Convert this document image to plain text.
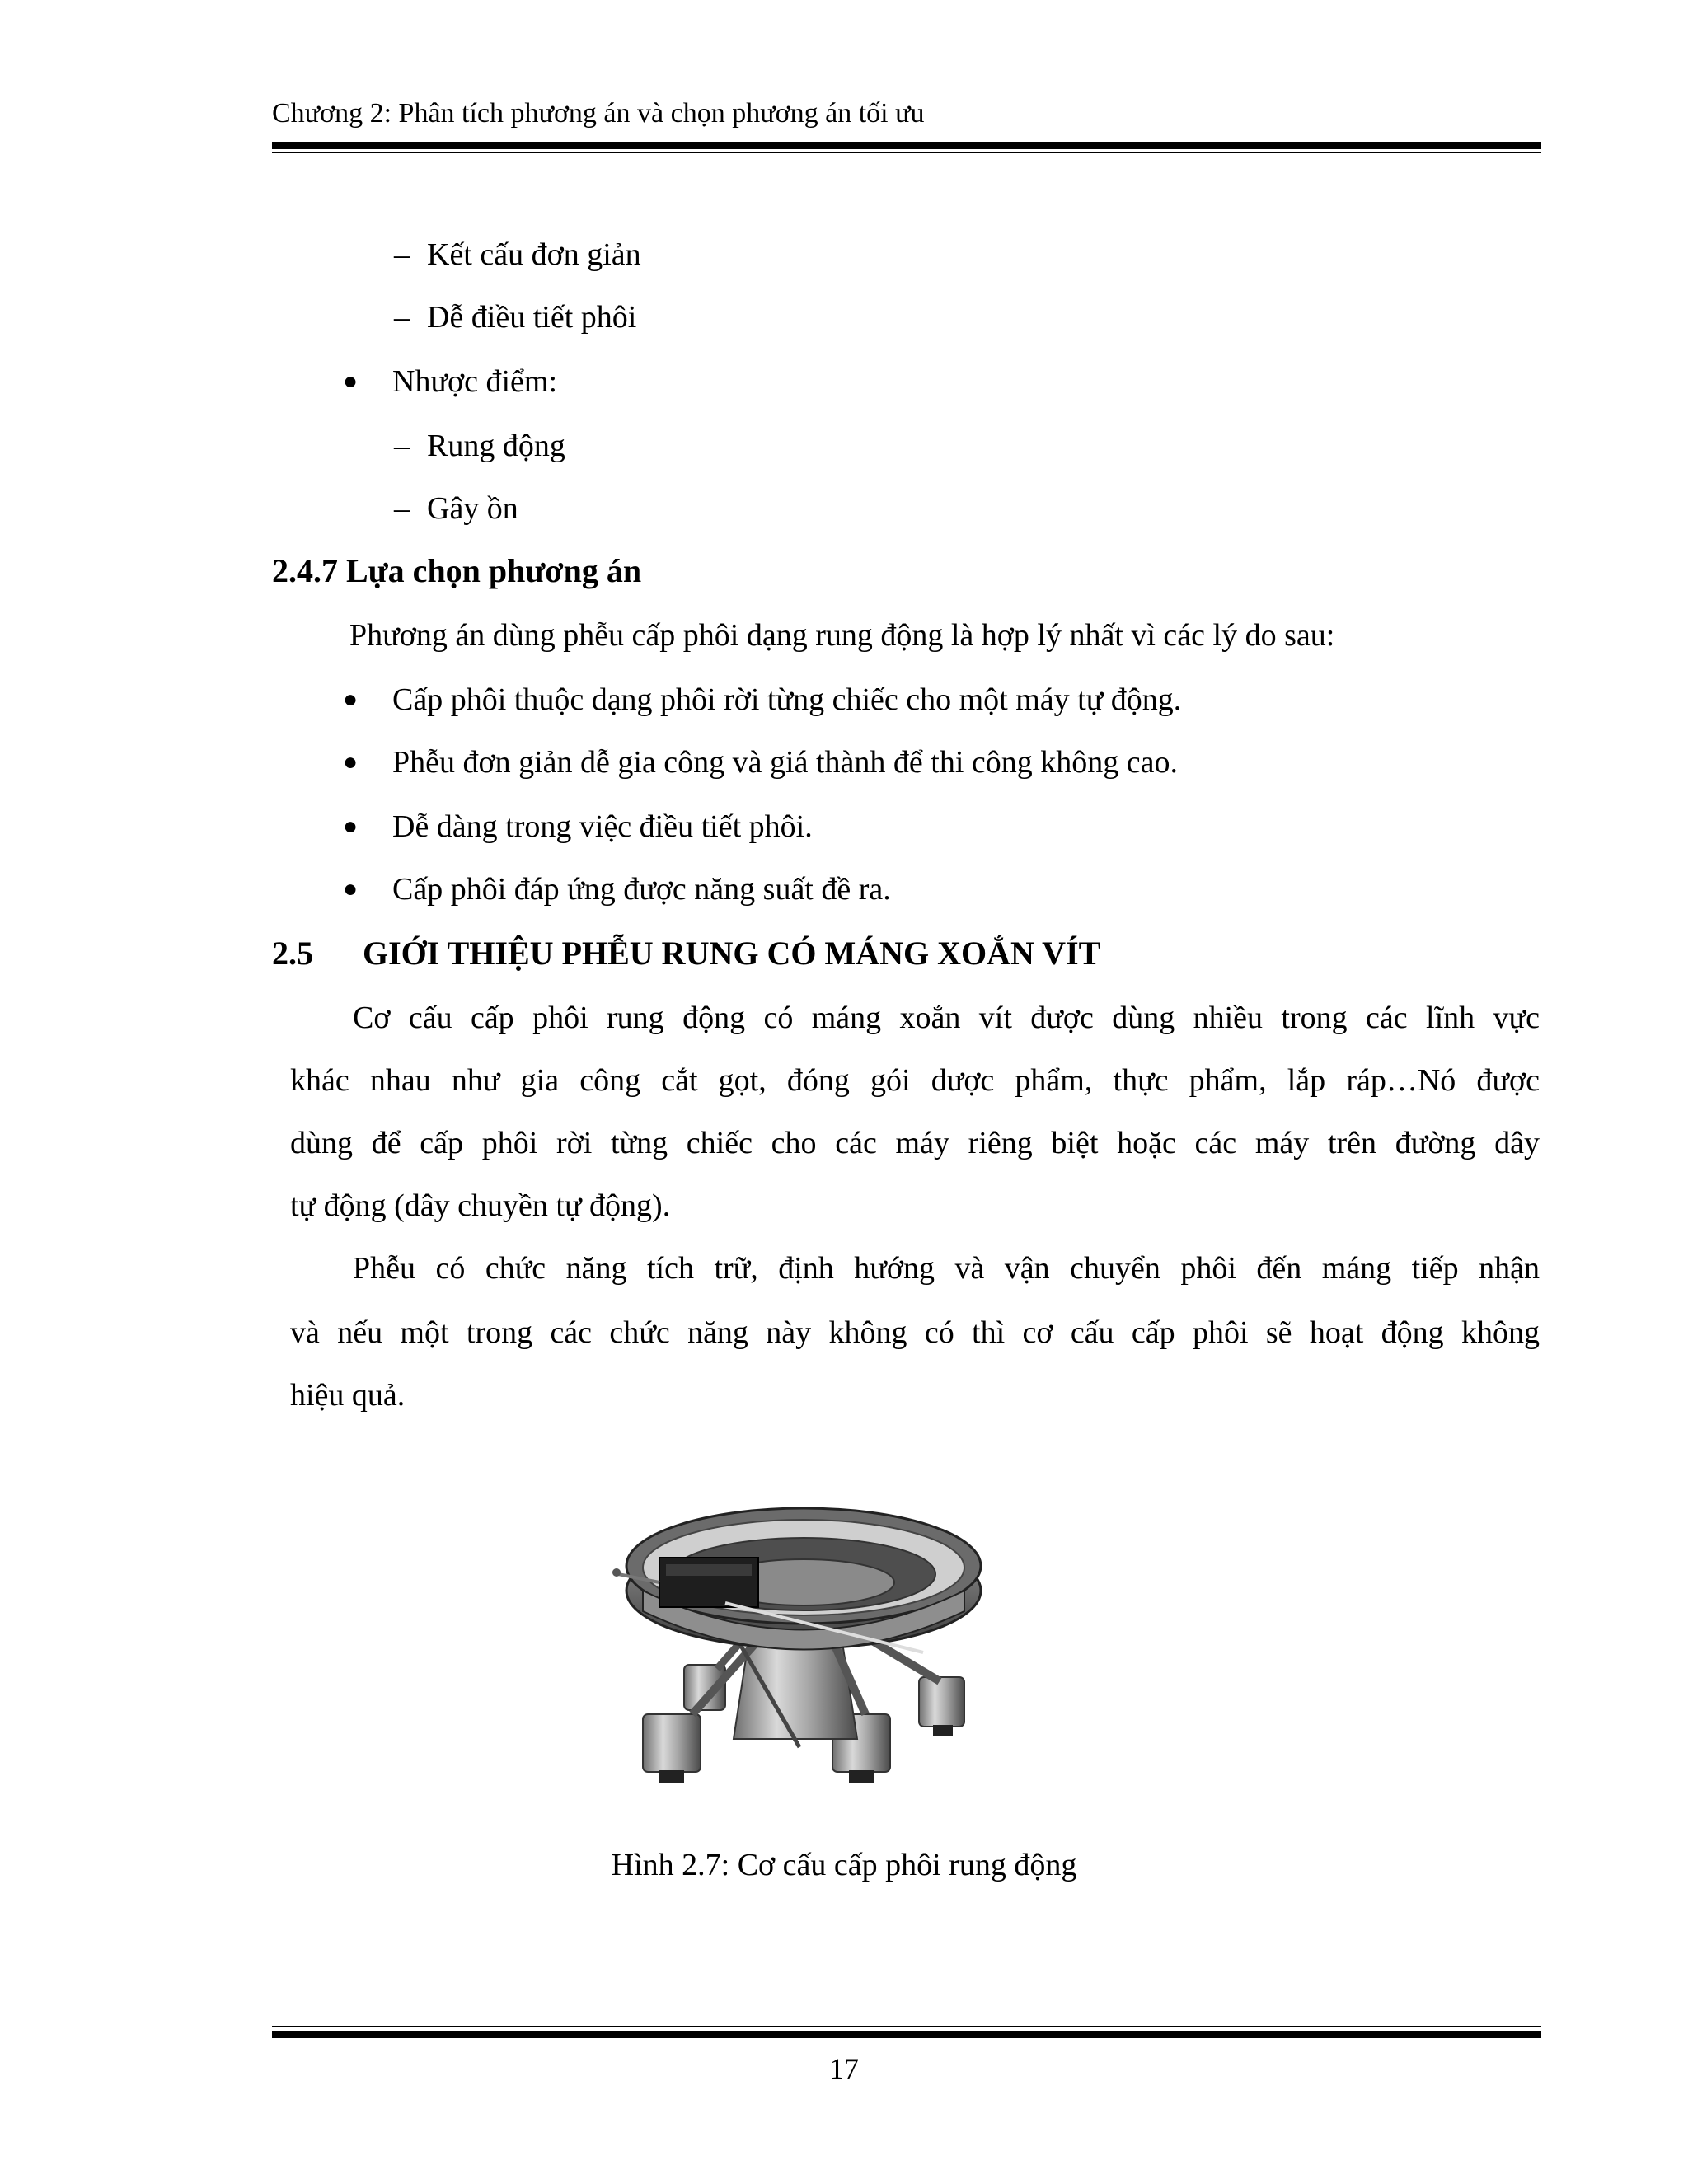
Chương 2: Phân tích phương án và chọn phương án tối ưu
– Kết cấu đơn giản
– Dễ điều tiết phôi
● Nhược điểm:
– Rung động
– Gây ồn
2.4.7 Lựa chọn phương án
Phương án dùng phễu cấp phôi dạng rung động là hợp lý nhất vì các lý do sau:
● Cấp phôi thuộc dạng phôi rời từng chiếc cho một máy tự động.
● Phễu đơn giản dễ gia công và giá thành để thi công không cao.
● Dễ dàng trong việc điều tiết phôi.
● Cấp phôi đáp ứng được năng suất đề ra.
2.5 GIỚI THIỆU PHỄU RUNG CÓ MÁNG XOẮN VÍT
Cơ cấu cấp phôi rung động có máng xoắn vít được dùng nhiều trong các lĩnh vực
khác nhau như gia công cắt gọt, đóng gói dược phẩm, thực phẩm, lắp ráp…Nó được
dùng để cấp phôi rời từng chiếc cho các máy riêng biệt hoặc các máy trên đường dây
tự động (dây chuyền tự động).
Phễu có chức năng tích trữ, định hướng và vận chuyển phôi đến máng tiếp nhận
và nếu một trong các chức năng này không có thì cơ cấu cấp phôi sẽ hoạt động không
hiệu quả.
Hình 2.7: Cơ cấu cấp phôi rung động
17
